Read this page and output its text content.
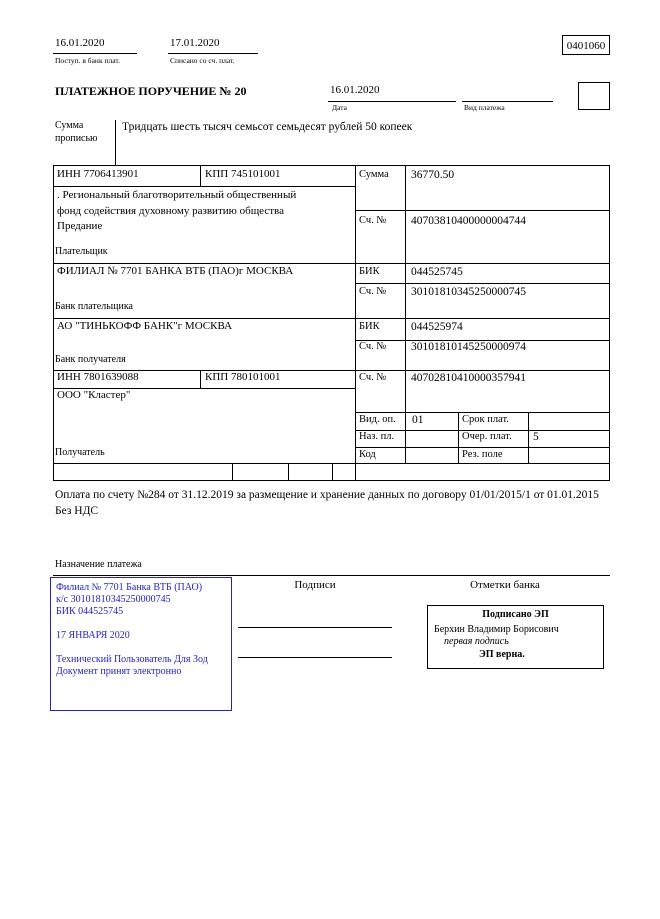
16.01.2020
Поступ. в банк плат.
17.01.2020
Списано со сч. плат.
0401060
ПЛАТЕЖНОЕ ПОРУЧЕНИЕ № 20	16.01.2020
Дата	Вид платежа
Сумма
прописью
Тридцать шесть тысяч семьсот семьдесят рублей 50 копеек
ИНН 7706413901	КПП 745101001	Сумма 36770.50
. Региональный благотворительный общественный фонд содействия духовному развитию общества Предание	Сч. № 40703810400000004744
Плательщик
ФИЛИАЛ № 7701 БАНКА ВТБ (ПАО)г МОСКВА	БИК	044525745
Сч. № 30101810345250000745
Банк плательщика
АО "ТИНЬКОФФ БАНК"г МОСКВА	БИК	044525974
Сч. № 30101810145250000974
Банк получателя
ИНН 7801639088	КПП 780101001	Сч. № 40702810410000357941
ООО "Кластер"
Вид. оп. 01	Срок плат.
Наз. пл.	Очер. плат. 5
Код	Рез. поле
Получатель
Оплата по счету №284 от 31.12.2019 за размещение и хранение данных по договору 01/01/2015/1 от 01.01.2015 Без НДС
Назначение платежа
Филиал № 7701 Банка ВТБ (ПАО)
к/с 30101810345250000745
БИК 044525745
17 ЯНВАРЯ 2020
Технический Пользователь Для Зод
Документ принят электронно
Подписи	Отметки банка
Подписано ЭП
Берхин Владимир Борисович
первая подпись
ЭП верна.
